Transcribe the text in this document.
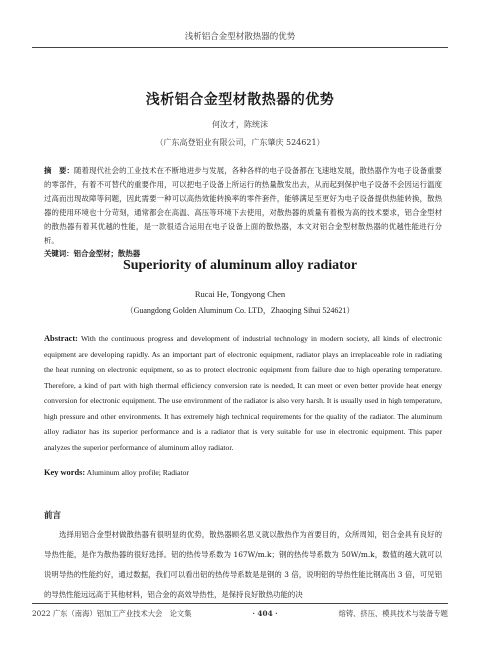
浅析铝合金型材散热器的优势
浅析铝合金型材散热器的优势
何汝才，陈统沫
（广东高登铝业有限公司，广东肇庆 524621）

摘　要：随着现代社会的工业技术在不断地进步与发展，各种各样的电子设备都在飞速地发展，散热器作为电子设备重要的零部件，有着不可替代的重要作用，可以把电子设备上所运行的热量散发出去，从而起到保护电子设备不会因运行温度过高而出现故障等问题，因此需要一种可以高热效能转换率的零件套件，能够满足至更好为电子设备提供热能转换，散热器的使用环境也十分苛刻，通常都会在高温、高压等环境下去使用，对散热器的质量有着极为高的技术要求，铝合金型材的散热器有着其优越的性能，是一款很适合运用在电子设备上面的散热器，本文对铝合金型材散热器的优越性能进行分析。

关键词：铝合金型材；散热器
Superiority of aluminum alloy radiator
Rucai He, Tongyong Chen
（Guangdong Golden Aluminum Co. LTD，Zhaoqing Sihui 524621）

Abstract: With the continuous progress and development of industrial technology in modern society, all kinds of electronic equipment are developing rapidly. As an important part of electronic equipment, radiator plays an irreplaceable role in radiating the heat running on electronic equipment, so as to protect electronic equipment from failure due to high operating temperature. Therefore, a kind of part with high thermal efficiency conversion rate is needed, It can meet or even better provide heat energy conversion for electronic equipment. The use environment of the radiator is also very harsh. It is usually used in high temperature, high pressure and other environments. It has extremely high technical requirements for the quality of the radiator. The aluminum alloy radiator has its superior performance and is a radiator that is very suitable for use in electronic equipment. This paper analyzes the superior performance of aluminum alloy radiator.

Key words: Aluminum alloy profile; Radiator
前言

选择用铝合金型材做散热器有很明显的优势，散热器顾名思义就以散热作为首要目的，众所周知，铝合金具有良好的导热性能，是作为散热器的很好选择。铝的热传导系数为 167W/m.k；钢的热传导系数为 50W/m.k，数值的越大就可以说明导热的性能约好，通过数据，我们可以看出铝的热传导系数是是钢的 3 倍，说明铝的导热性能比钢高出 3 倍，可见铝的导热性能远远高于其他材料，铝合金的高效导热性，是保持良好散热功能的决

2022 广东（南海）铝加工产业技术大会　论文集	· 404 ·	熔铸、挤压、模具技术与装备专题
